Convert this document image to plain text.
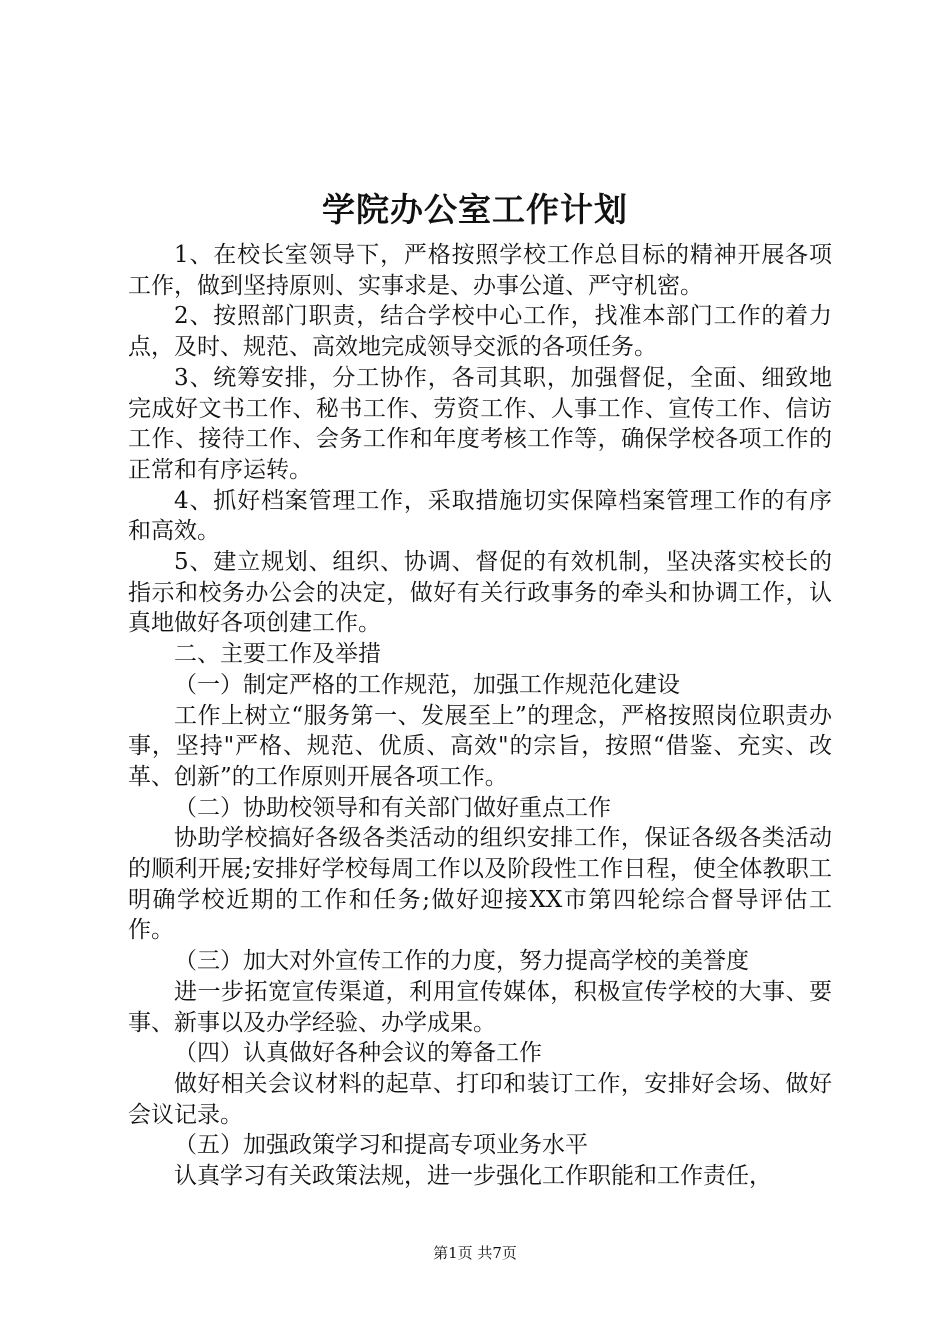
学院办公室工作计划

1、在校长室领导下，严格按照学校工作总目标的精神开展各项工作，做到坚持原则、实事求是、办事公道、严守机密。

2、按照部门职责，结合学校中心工作，找准本部门工作的着力点，及时、规范、高效地完成领导交派的各项任务。

3、统筹安排，分工协作，各司其职，加强督促，全面、细致地完成好文书工作、秘书工作、劳资工作、人事工作、宣传工作、信访工作、接待工作、会务工作和年度考核工作等，确保学校各项工作的正常和有序运转。

4、抓好档案管理工作，采取措施切实保障档案管理工作的有序和高效。

5、建立规划、组织、协调、督促的有效机制，坚决落实校长的指示和校务办公会的决定，做好有关行政事务的牵头和协调工作，认真地做好各项创建工作。

二、主要工作及举措

（一）制定严格的工作规范，加强工作规范化建设

工作上树立“服务第一、发展至上”的理念，严格按照岗位职责办事，坚持"严格、规范、优质、高效"的宗旨，按照“借鉴、充实、改革、创新”的工作原则开展各项工作。

（二）协助校领导和有关部门做好重点工作

协助学校搞好各级各类活动的组织安排工作，保证各级各类活动的顺利开展;安排好学校每周工作以及阶段性工作日程，使全体教职工明确学校近期的工作和任务;做好迎接XX市第四轮综合督导评估工作。

（三）加大对外宣传工作的力度，努力提高学校的美誉度

进一步拓宽宣传渠道，利用宣传媒体，积极宣传学校的大事、要事、新事以及办学经验、办学成果。

（四）认真做好各种会议的筹备工作

做好相关会议材料的起草、打印和装订工作，安排好会场、做好会议记录。

（五）加强政策学习和提高专项业务水平

认真学习有关政策法规，进一步强化工作职能和工作责任，

第1页 共7页
